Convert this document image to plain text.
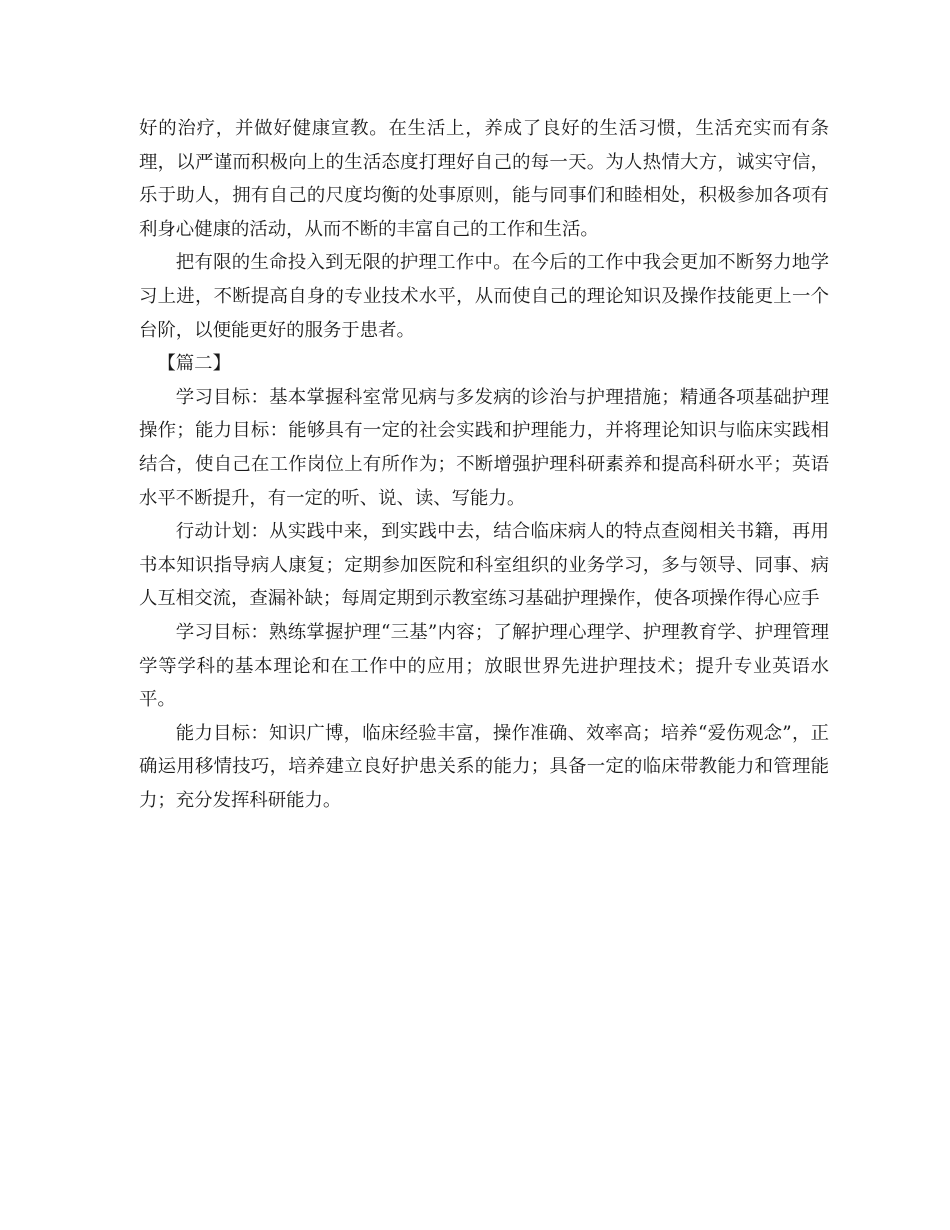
好的治疗，并做好健康宣教。在生活上，养成了良好的生活习惯，生活充实而有条理，以严谨而积极向上的生活态度打理好自己的每一天。为人热情大方，诚实守信，乐于助人，拥有自己的尺度均衡的处事原则，能与同事们和睦相处，积极参加各项有利身心健康的活动，从而不断的丰富自己的工作和生活。

把有限的生命投入到无限的护理工作中。在今后的工作中我会更加不断努力地学习上进，不断提高自身的专业技术水平，从而使自己的理论知识及操作技能更上一个台阶，以便能更好的服务于患者。

【篇二】

学习目标：基本掌握科室常见病与多发病的诊治与护理措施；精通各项基础护理操作；能力目标：能够具有一定的社会实践和护理能力，并将理论知识与临床实践相结合，使自己在工作岗位上有所作为；不断增强护理科研素养和提高科研水平；英语水平不断提升，有一定的听、说、读、写能力。

行动计划：从实践中来，到实践中去，结合临床病人的特点查阅相关书籍，再用书本知识指导病人康复；定期参加医院和科室组织的业务学习，多与领导、同事、病人互相交流，查漏补缺；每周定期到示教室练习基础护理操作，使各项操作得心应手

学习目标：熟练掌握护理“三基”内容；了解护理心理学、护理教育学、护理管理学等学科的基本理论和在工作中的应用；放眼世界先进护理技术；提升专业英语水平。

能力目标：知识广博，临床经验丰富，操作准确、效率高；培养“爱伤观念”，正确运用移情技巧，培养建立良好护患关系的能力；具备一定的临床带教能力和管理能力；充分发挥科研能力。
